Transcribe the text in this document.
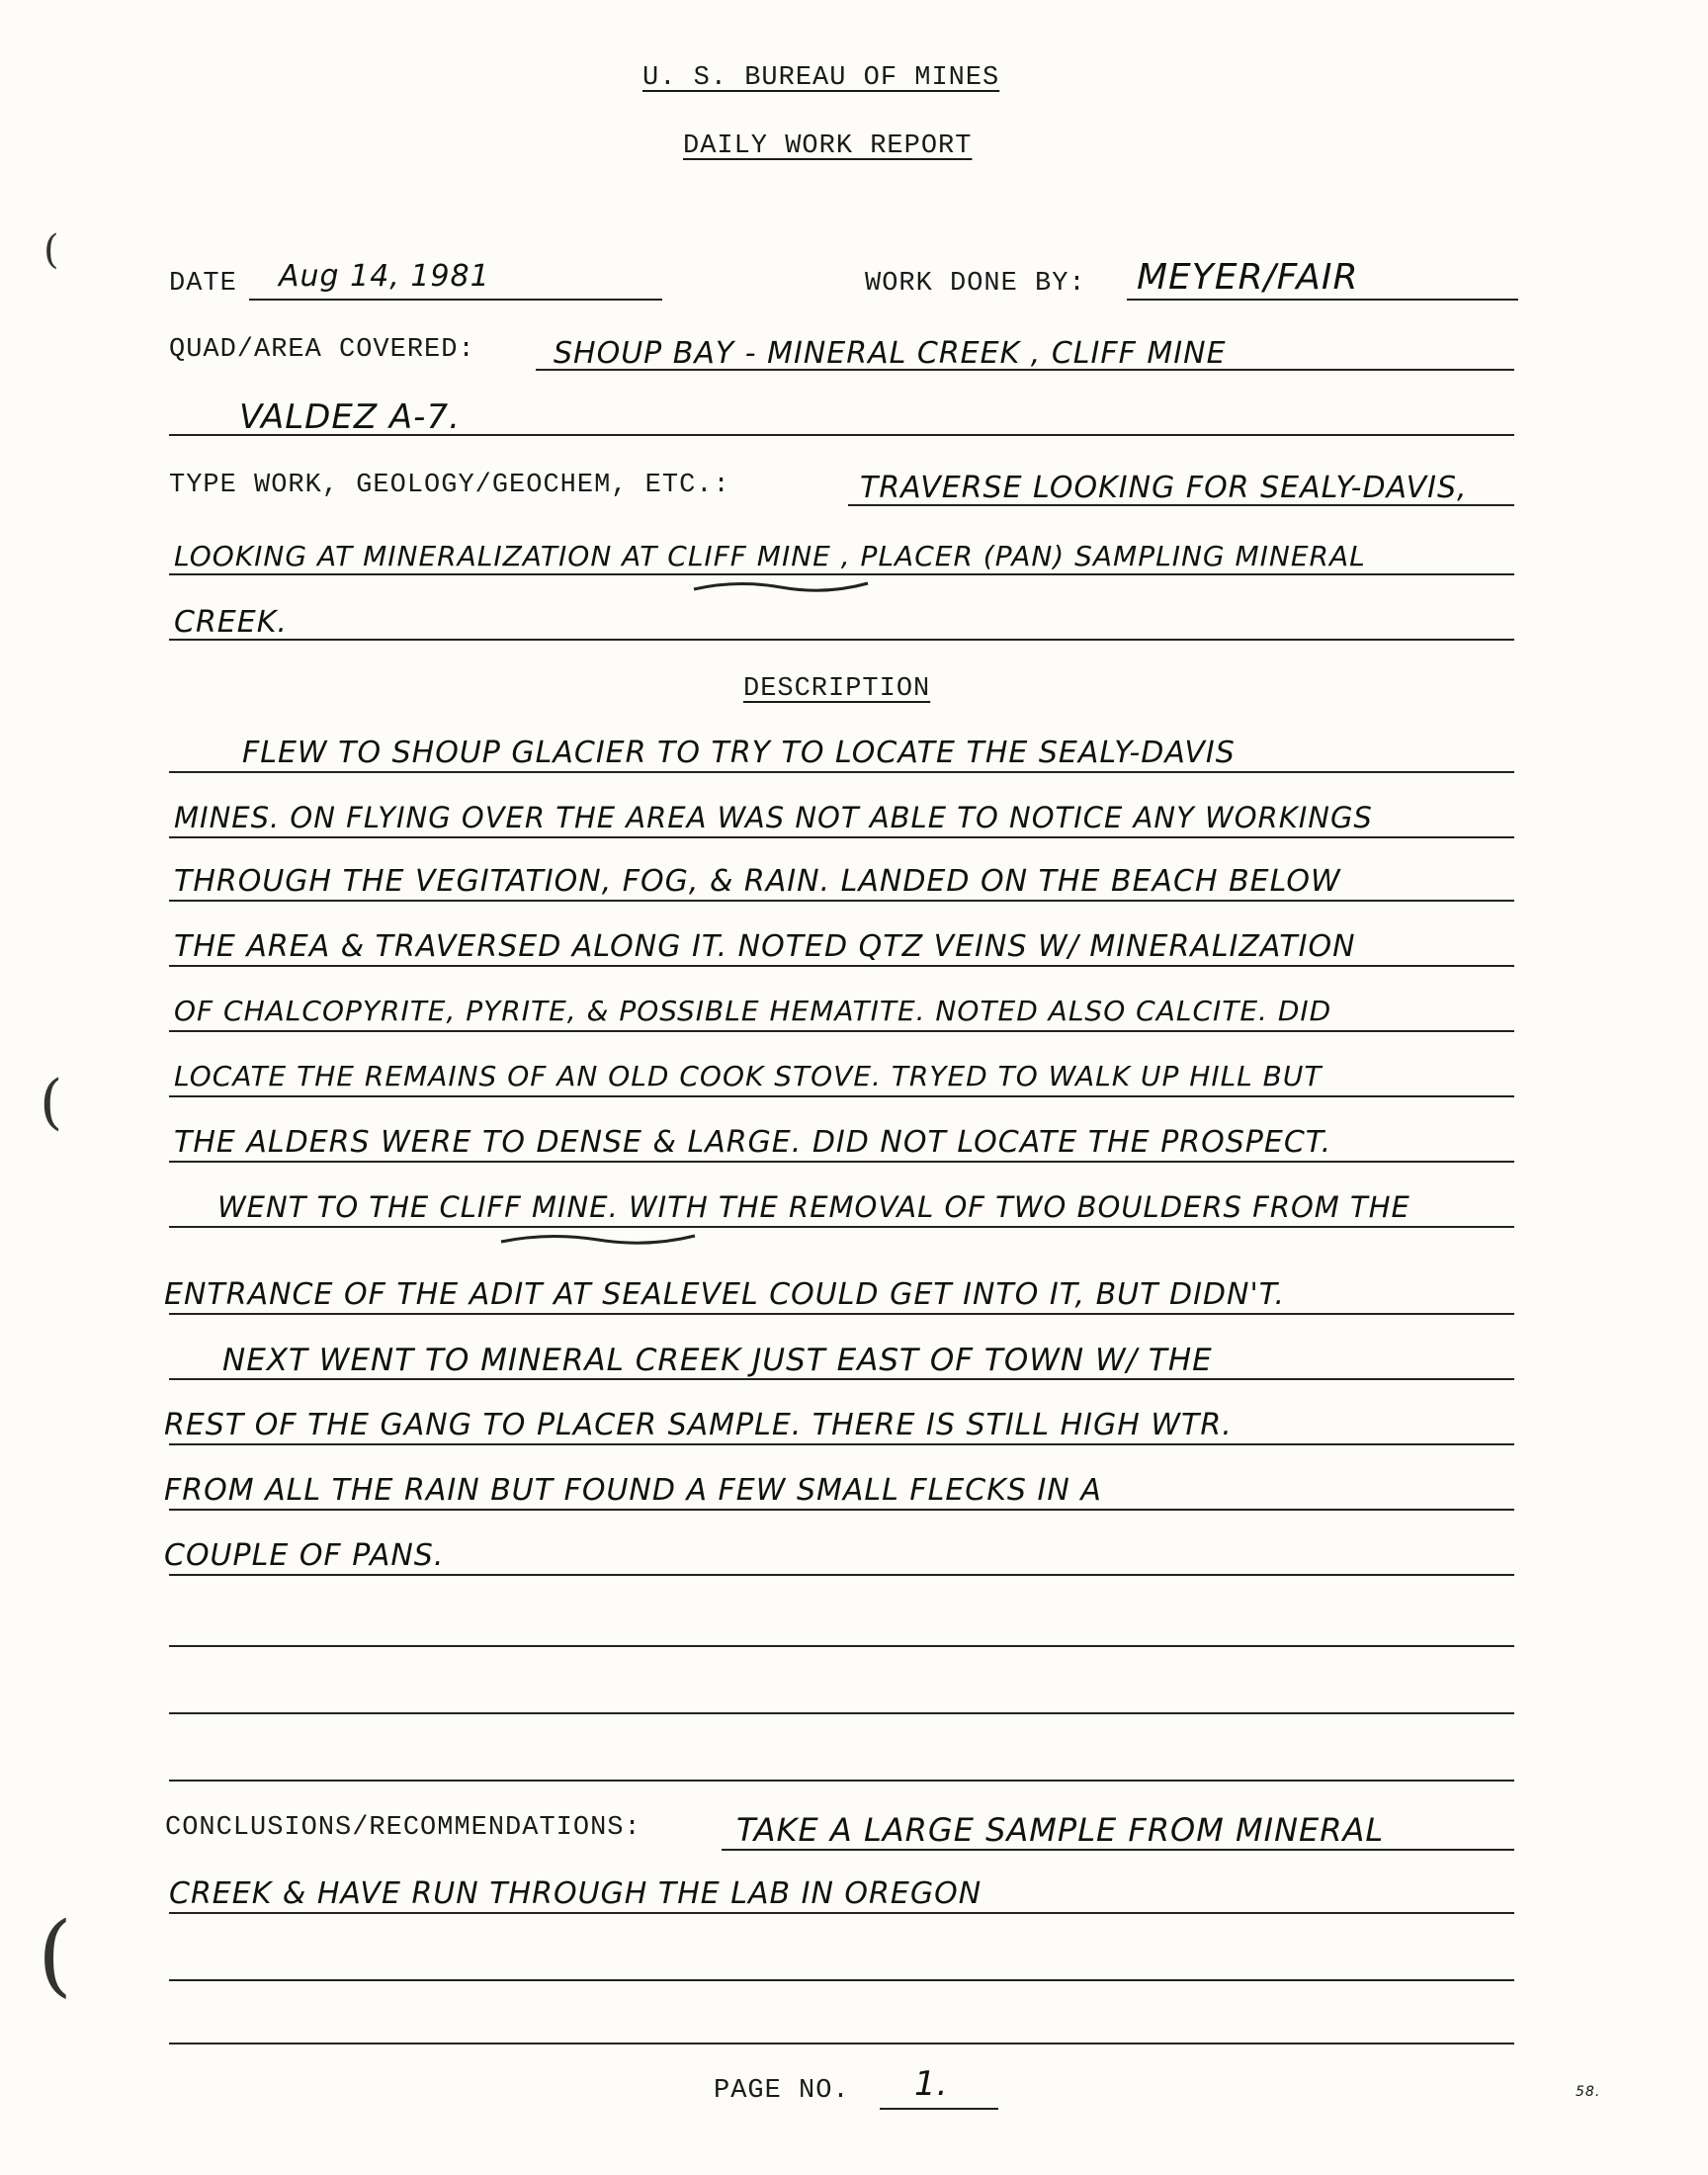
U. S. BUREAU OF MINES
DAILY WORK REPORT
DATE Aug 14, 1981	WORK DONE BY: MEYER/FAIR
QUAD/AREA COVERED:	SHOUP BAY - MINERAL CREEK , CLIFF MINE
VALDEZ A-7.
TYPE WORK, GEOLOGY/GEOCHEM, ETC.:	TRAVERSE LOOKING FOR SEALY-DAVIS,
LOOKING AT MINERALIZATION AT CLIFF MINE , PLACER (PAN) SAMPLING MINERAL
CREEK.
DESCRIPTION
FLEW TO SHOUP GLACIER TO TRY TO LOCATE THE SEALY-DAVIS
MINES. ON FLYING OVER THE AREA WAS NOT ABLE TO NOTICE ANY WORKINGS
THROUGH THE VEGITATION, FOG, & RAIN. LANDED ON THE BEACH BELOW
THE AREA & TRAVERSED ALONG IT. NOTED QTZ VEINS W/ MINERALIZATION
OF CHALCOPYRITE, PYRITE, & POSSIBLE HEMATITE. NOTED ALSO CALCITE. DID
LOCATE THE REMAINS OF AN OLD COOK STOVE. TRYED TO WALK UP HILL BUT
THE ALDERS WERE TO DENSE & LARGE. DID NOT LOCATE THE PROSPECT.
WENT TO THE CLIFF MINE. WITH THE REMOVAL OF TWO BOULDERS FROM THE
ENTRANCE OF THE ADIT AT SEALEVEL COULD GET INTO IT, BUT DIDN'T.
NEXT WENT TO MINERAL CREEK JUST EAST OF TOWN W/ THE
REST OF THE GANG TO PLACER SAMPLE. THERE IS STILL HIGH WTR.
FROM ALL THE RAIN BUT FOUND A FEW SMALL FLECKS IN A
COUPLE OF PANS.
CONCLUSIONS/RECOMMENDATIONS:	TAKE A LARGE SAMPLE FROM MINERAL
CREEK & HAVE RUN THROUGH THE LAB IN OREGON
PAGE NO. 1.	58.
(
(
(
